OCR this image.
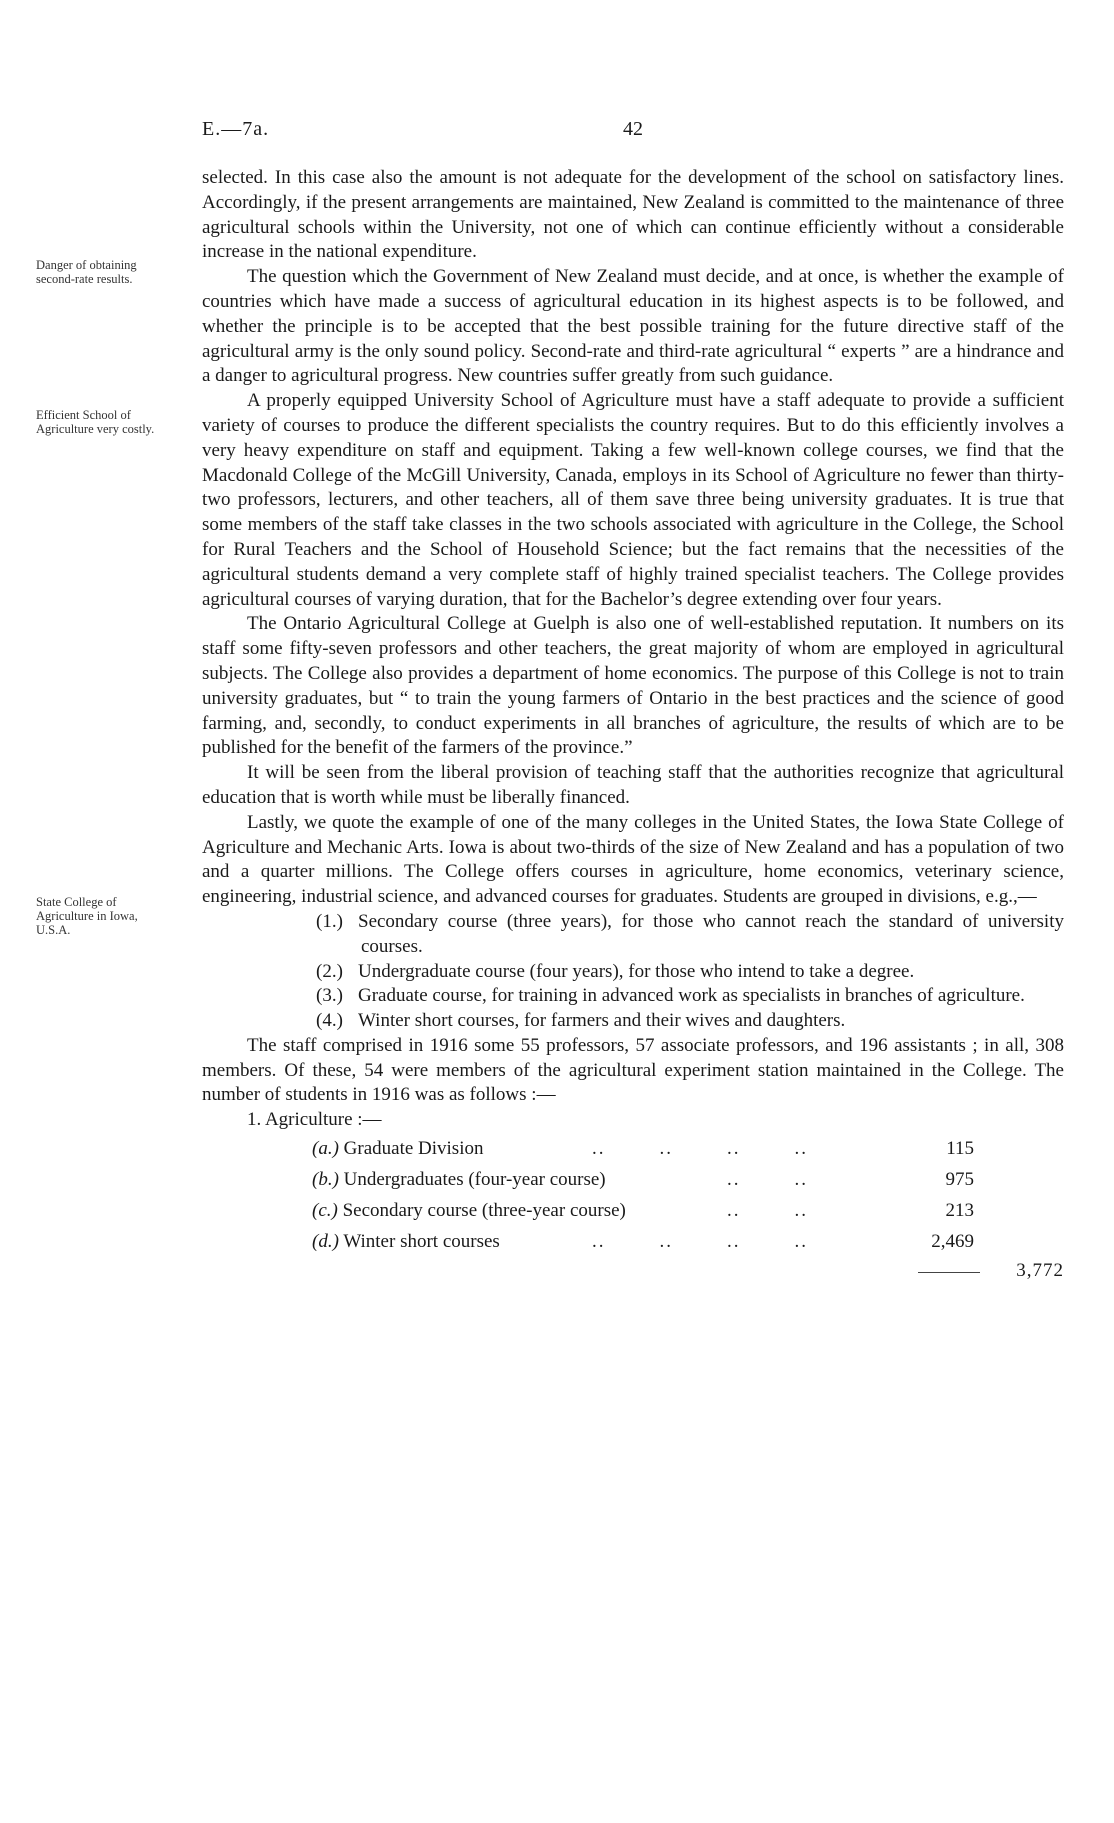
E.—7a.	42
Danger of obtaining second-rate results.
Efficient School of Agriculture very costly.
State College of Agriculture in Iowa, U.S.A.

selected. In this case also the amount is not adequate for the development of the school on satisfactory lines. Accordingly, if the present arrangements are maintained, New Zealand is committed to the maintenance of three agricultural schools within the University, not one of which can continue efficiently without a considerable increase in the national expenditure.

The question which the Government of New Zealand must decide, and at once, is whether the example of countries which have made a success of agricultural education in its highest aspects is to be followed, and whether the principle is to be accepted that the best possible training for the future directive staff of the agricultural army is the only sound policy. Second-rate and third-rate agricultural “ experts ” are a hindrance and a danger to agricultural progress. New countries suffer greatly from such guidance.

A properly equipped University School of Agriculture must have a staff adequate to provide a sufficient variety of courses to produce the different specialists the country requires. But to do this efficiently involves a very heavy expenditure on staff and equipment. Taking a few well-known college courses, we find that the Macdonald College of the McGill University, Canada, employs in its School of Agriculture no fewer than thirty-two professors, lecturers, and other teachers, all of them save three being university graduates. It is true that some members of the staff take classes in the two schools associated with agriculture in the College, the School for Rural Teachers and the School of Household Science; but the fact remains that the necessities of the agricultural students demand a very complete staff of highly trained specialist teachers. The College provides agricultural courses of varying duration, that for the Bachelor’s degree extending over four years.

The Ontario Agricultural College at Guelph is also one of well-established reputation. It numbers on its staff some fifty-seven professors and other teachers, the great majority of whom are employed in agricultural subjects. The College also provides a department of home economics. The purpose of this College is not to train university graduates, but “ to train the young farmers of Ontario in the best practices and the science of good farming, and, secondly, to conduct experiments in all branches of agriculture, the results of which are to be published for the benefit of the farmers of the province.”

It will be seen from the liberal provision of teaching staff that the authorities recognize that agricultural education that is worth while must be liberally financed.

Lastly, we quote the example of one of the many colleges in the United States, the Iowa State College of Agriculture and Mechanic Arts. Iowa is about two-thirds of the size of New Zealand and has a population of two and a quarter millions. The College offers courses in agriculture, home economics, veterinary science, engineering, industrial science, and advanced courses for graduates. Students are grouped in divisions, e.g.,—

(1.) Secondary course (three years), for those who cannot reach the standard of university courses.

(2.) Undergraduate course (four years), for those who intend to take a degree.

(3.) Graduate course, for training in advanced work as specialists in branches of agriculture.

(4.) Winter short courses, for farmers and their wives and daughters.

The staff comprised in 1916 some 55 professors, 57 associate professors, and 196 assistants ; in all, 308 members. Of these, 54 were members of the agricultural experiment station maintained in the College. The number of students in 1916 was as follows :—

1. Agriculture :—

(a.) Graduate Division	..        ..        ..        ..	115
(b.) Undergraduates (four-year course)
..        ..	975
(c.) Secondary course (three-year course)
..        ..	213
(d.) Winter short courses	..        ..        ..        ..	2,469
3,772
